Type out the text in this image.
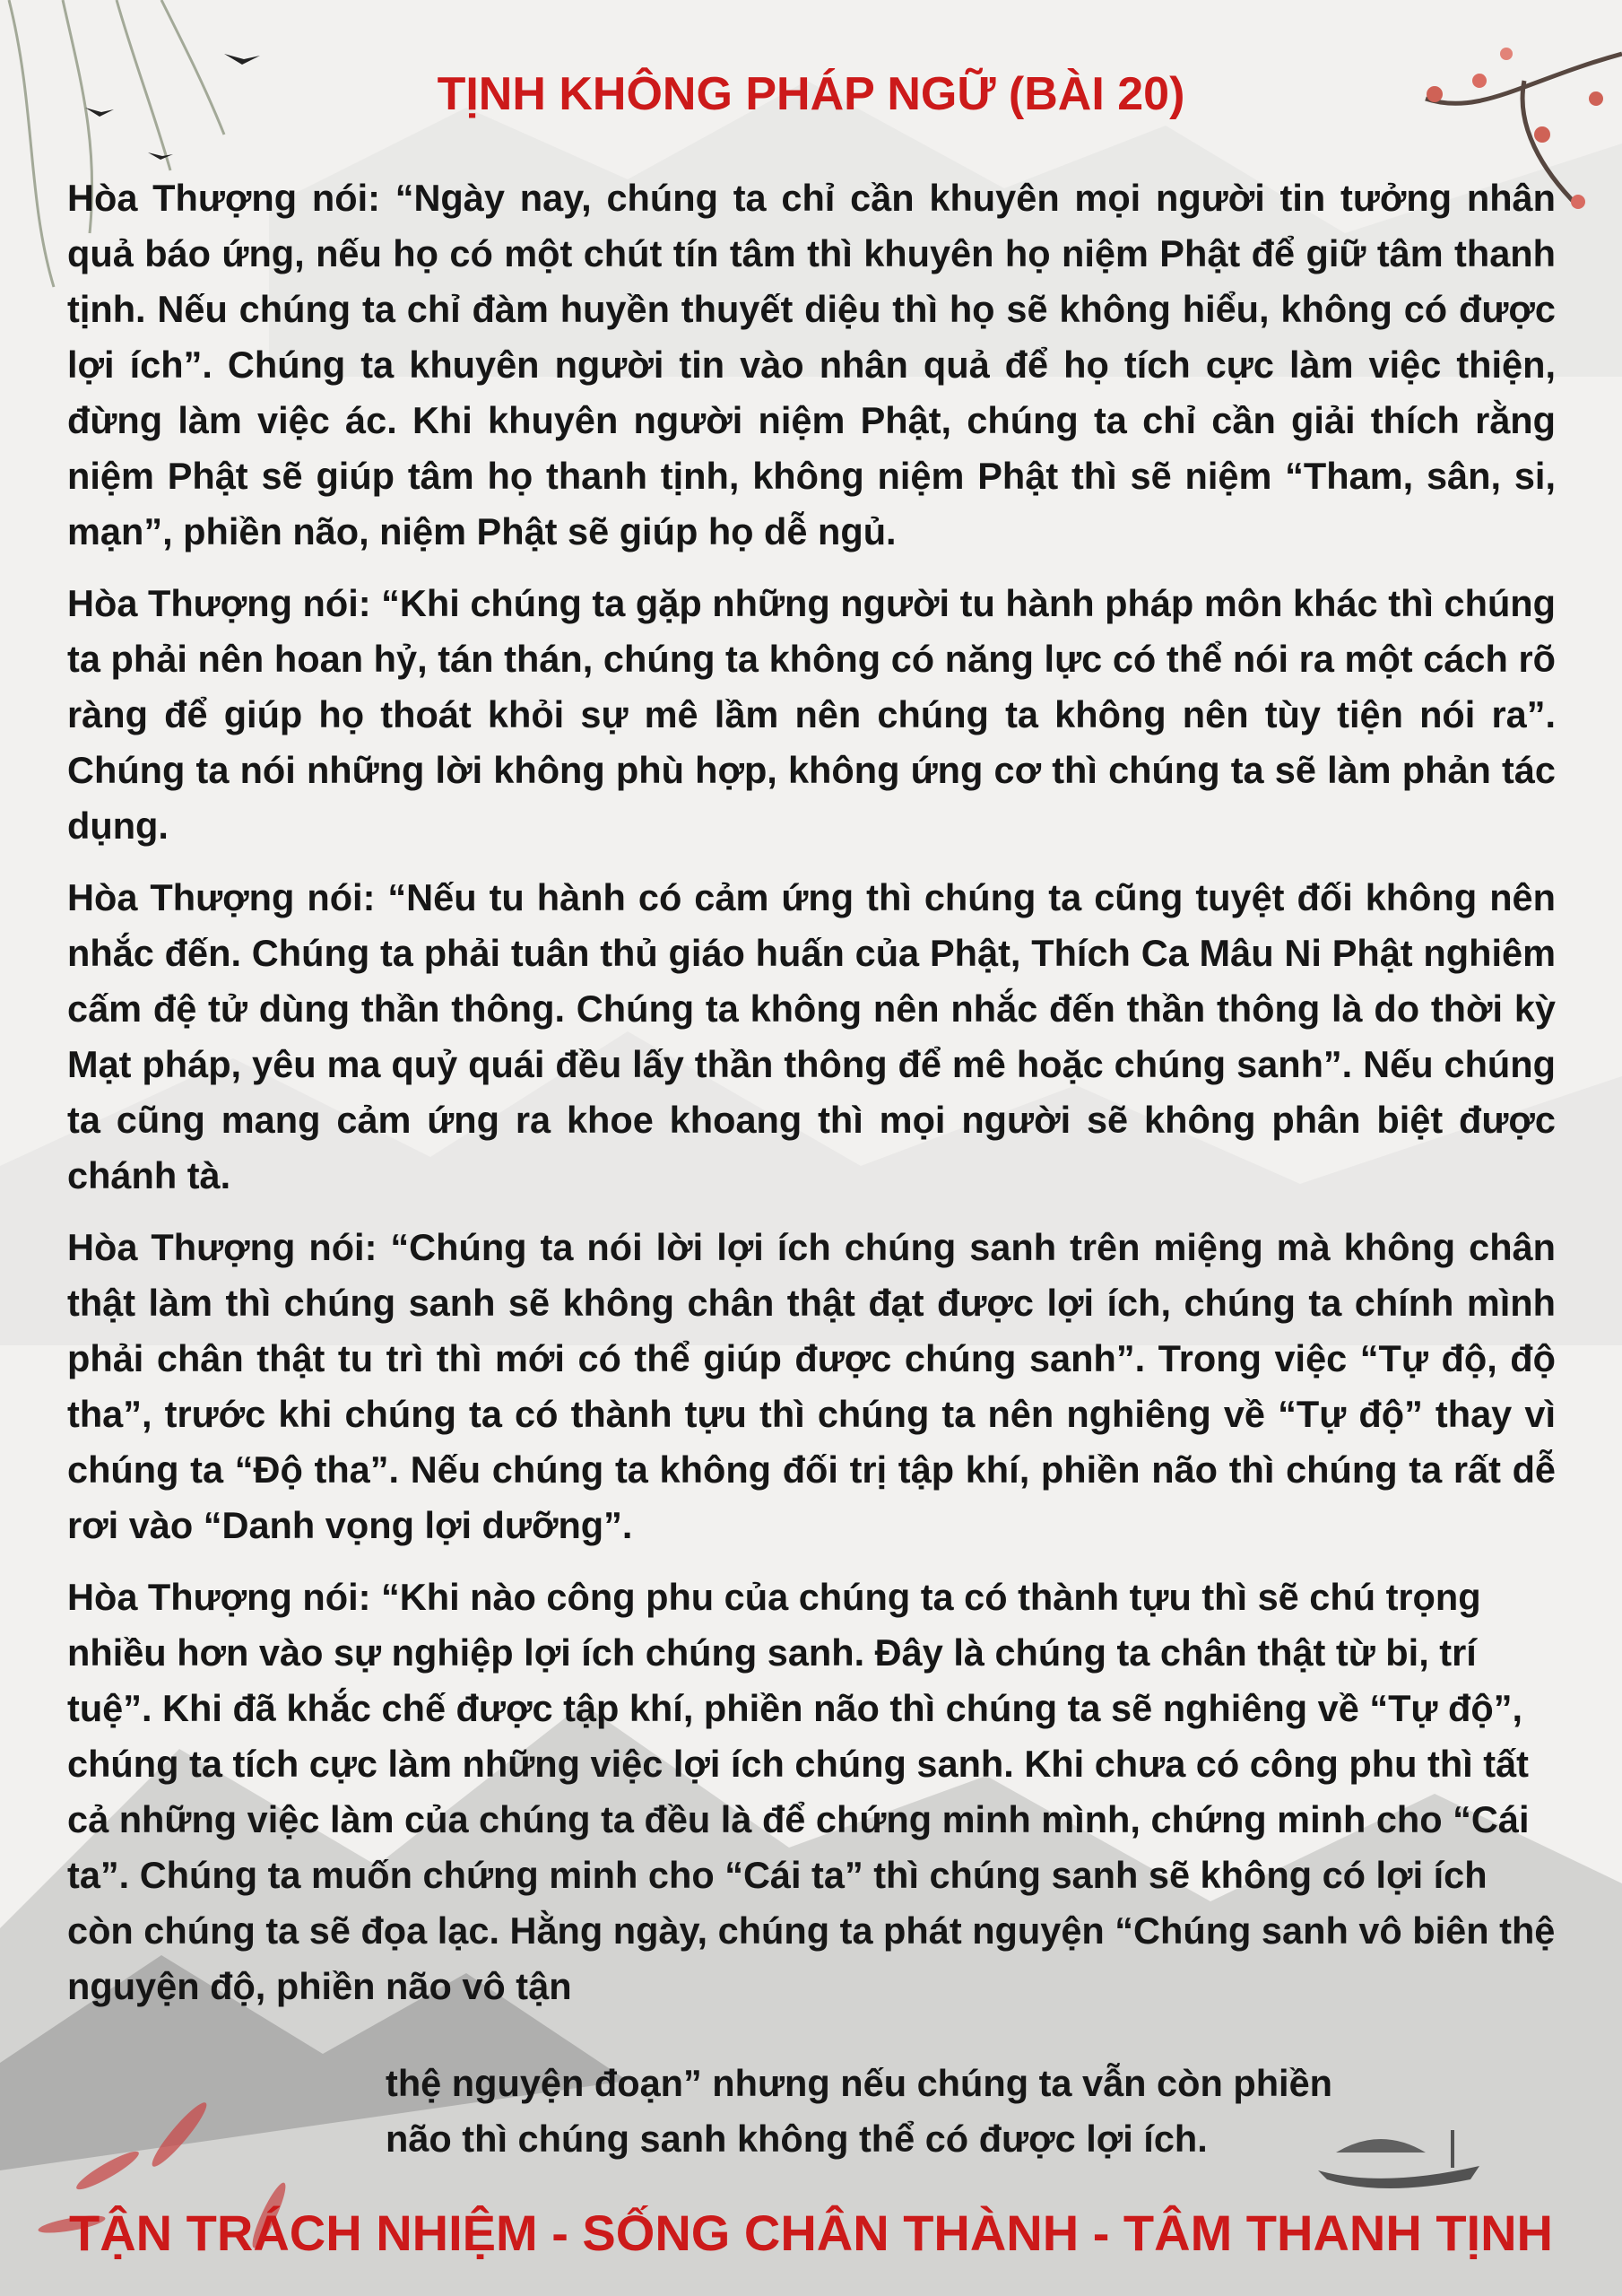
TỊNH KHÔNG PHÁP NGỮ (BÀI 20)

Hòa Thượng nói: “Ngày nay, chúng ta chỉ cần khuyên mọi người tin tưởng nhân quả báo ứng, nếu họ có một chút tín tâm thì khuyên họ niệm Phật để giữ tâm thanh tịnh. Nếu chúng ta chỉ đàm huyền thuyết diệu thì họ sẽ không hiểu, không có được lợi ích”. Chúng ta khuyên người tin vào nhân quả để họ tích cực làm việc thiện, đừng làm việc ác. Khi khuyên người niệm Phật, chúng ta chỉ cần giải thích rằng niệm Phật sẽ giúp tâm họ thanh tịnh, không niệm Phật thì sẽ niệm “Tham, sân, si, mạn”, phiền não, niệm Phật sẽ giúp họ dễ ngủ.

Hòa Thượng nói: “Khi chúng ta gặp những người tu hành pháp môn khác thì chúng ta phải nên hoan hỷ, tán thán, chúng ta không có năng lực có thể nói ra một cách rõ ràng để giúp họ thoát khỏi sự mê lầm nên chúng ta không nên tùy tiện nói ra”. Chúng ta nói những lời không phù hợp, không ứng cơ thì chúng ta sẽ làm phản tác dụng.

Hòa Thượng nói: “Nếu tu hành có cảm ứng thì chúng ta cũng tuyệt đối không nên nhắc đến. Chúng ta phải tuân thủ giáo huấn của Phật, Thích Ca Mâu Ni Phật nghiêm cấm đệ tử dùng thần thông. Chúng ta không nên nhắc đến thần thông là do thời kỳ Mạt pháp, yêu ma quỷ quái đều lấy thần thông để mê hoặc chúng sanh”. Nếu chúng ta cũng mang cảm ứng ra khoe khoang thì mọi người sẽ không phân biệt được chánh tà.

Hòa Thượng nói: “Chúng ta nói lời lợi ích chúng sanh trên miệng mà không chân thật làm thì chúng sanh sẽ không chân thật đạt được lợi ích, chúng ta chính mình phải chân thật tu trì thì mới có thể giúp được chúng sanh”. Trong việc “Tự độ, độ tha”, trước khi chúng ta có thành tựu thì chúng ta nên nghiêng về “Tự độ” thay vì chúng ta “Độ tha”. Nếu chúng ta không đối trị tập khí, phiền não thì chúng ta rất dễ rơi vào “Danh vọng lợi dưỡng”.

Hòa Thượng nói: “Khi nào công phu của chúng ta có thành tựu thì sẽ chú trọng nhiều hơn vào sự nghiệp lợi ích chúng sanh. Đây là chúng ta chân thật từ bi, trí tuệ”. Khi đã khắc chế được tập khí, phiền não thì chúng ta sẽ nghiêng về “Tự độ”, chúng ta tích cực làm những việc lợi ích chúng sanh. Khi chưa có công phu thì tất cả những việc làm của chúng ta đều là để chứng minh mình, chứng minh cho “Cái ta”. Chúng ta muốn chứng minh cho “Cái ta” thì chúng sanh sẽ không có lợi ích còn chúng ta sẽ đọa lạc. Hằng ngày, chúng ta phát nguyện “Chúng sanh vô biên thệ nguyện độ, phiền não vô tận

thệ nguyện đoạn” nhưng nếu chúng ta vẫn còn phiền
não thì chúng sanh không thể có được lợi ích.
TẬN TRÁCH NHIỆM - SỐNG CHÂN THÀNH - TÂM THANH TỊNH
